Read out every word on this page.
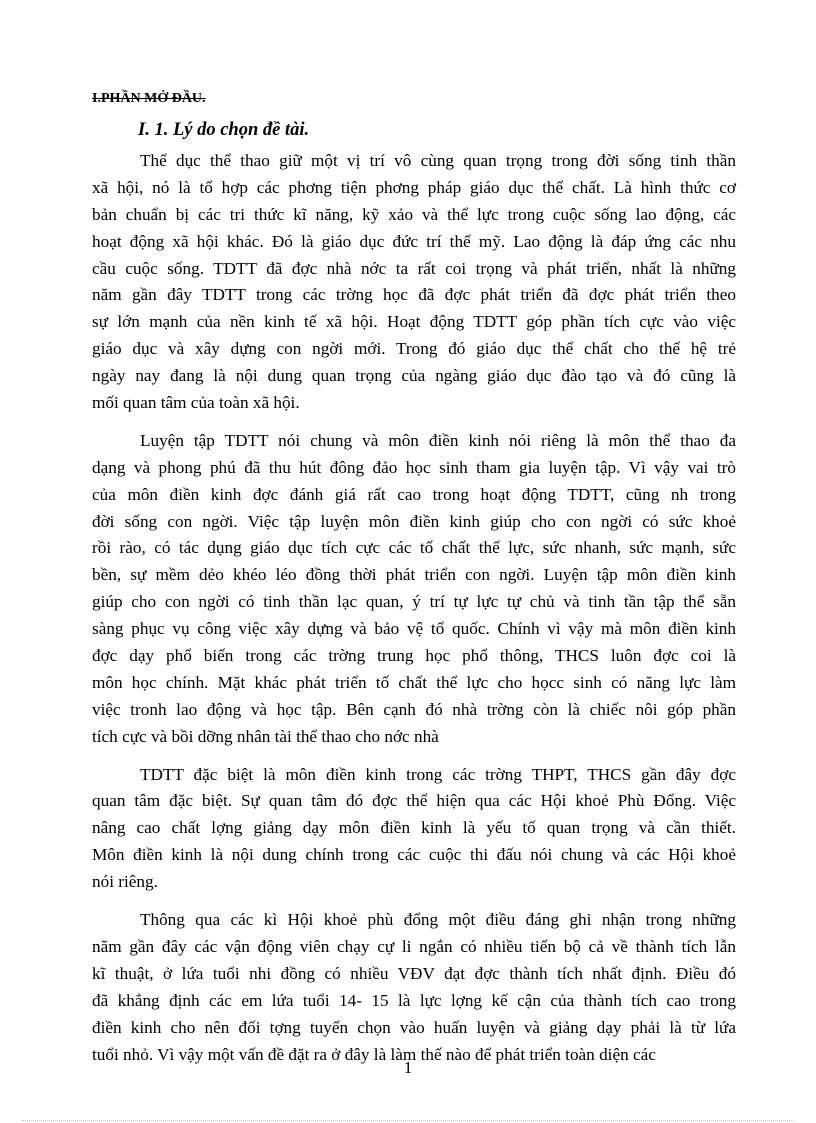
I.PHẦN MỞ ĐẦU.
I. 1. Lý do chọn đề tài.
Thể dục thể thao giữ một vị trí vô cùng quan trọng trong đời sống tinh thần
xã hội, nó là tổ hợp các phơng tiện phơng pháp giáo dục thể chất. Là hình thức cơ
bản chuẩn bị các tri thức kĩ năng, kỹ xảo và thể lực trong cuộc sống lao động, các
hoạt động xã hội khác. Đó là giáo dục đức trí thể mỹ. Lao động là đáp ứng các nhu
cầu cuộc sống. TDTT đã đợc nhà nớc ta rất coi trọng và phát triển, nhất là những
năm gần đây TDTT trong các trờng học đã đợc phát triển đã đợc phát triển theo
sự lớn mạnh của nền kinh tế xã hội. Hoạt động TDTT góp phần tích cực vào việc
giáo dục và xây dựng con ngời mới. Trong đó giáo dục thể chất cho thế hệ trẻ
ngày nay đang là nội dung quan trọng của ngàng giáo dục đào tạo và đó cũng là
mối quan tâm của toàn xã hội.
Luyện tập TDTT nói chung và môn điền kinh nói riêng là môn thể thao đa
dạng và phong phú đã thu hút đông đảo học sinh tham gia luyện tập. Vì vậy vai trò
của môn điền kinh đợc đánh giá rất cao trong hoạt động TDTT, cũng nh trong
đời sống con ngời. Việc tập luyện môn điền kinh giúp cho con ngời có sức khoẻ
rồi rào, có tác dụng giáo dục tích cực các tố chất thể lực, sức nhanh, sức mạnh, sức
bền, sự mềm dẻo khéo léo đồng thời phát triển con ngời. Luyện tập môn điền kinh
giúp cho con ngời có tinh thần lạc quan, ý trí tự lực tự chủ và tinh tần tập thể sẵn
sàng phục vụ công việc xây dựng và bảo vệ tổ quốc. Chính vì vậy mà môn điền kinh
đợc dạy phổ biến trong các trờng trung học phổ thông, THCS luôn đợc coi là
môn học chính. Mặt khác phát triển tố chất thể lực cho họcc sinh có năng lực làm
việc tronh lao động và học tập. Bên cạnh đó nhà trờng còn là chiếc nôi góp phần
tích cực và bồi dỡng nhân tài thể thao cho nớc nhà
TDTT đặc biệt là môn điền kinh trong các trờng THPT, THCS gần đây đợc
quan tâm đặc biệt. Sự quan tâm đó đợc thể hiện qua các Hội khoẻ Phù Đổng. Việc
nâng cao chất lợng giảng dạy môn điền kinh là yếu tố quan trọng và cần thiết.
Môn điền kinh là nội dung chính trong các cuộc thi đấu nói chung và các Hội khoẻ
nói riêng.
Thông qua các kì Hội khoẻ phù đổng một điều đáng ghi nhận trong những
năm gần đây các vận động viên chạy cự li ngắn có nhiều tiến bộ cả về thành tích lẫn
kĩ thuật, ở lứa tuổi nhi đồng có nhiều VĐV đạt đợc thành tích nhất định. Điều đó
đã khẳng định các em lứa tuổi 14- 15 là lực lợng kế cận của thành tích cao trong
điền kinh cho nên đối tợng tuyển chọn vào huấn luyện và giảng dạy phải là từ lứa
tuổi nhỏ. Vì vậy một vấn đề đặt ra ở đây là làm thế nào để phát triển toàn diện các
1
